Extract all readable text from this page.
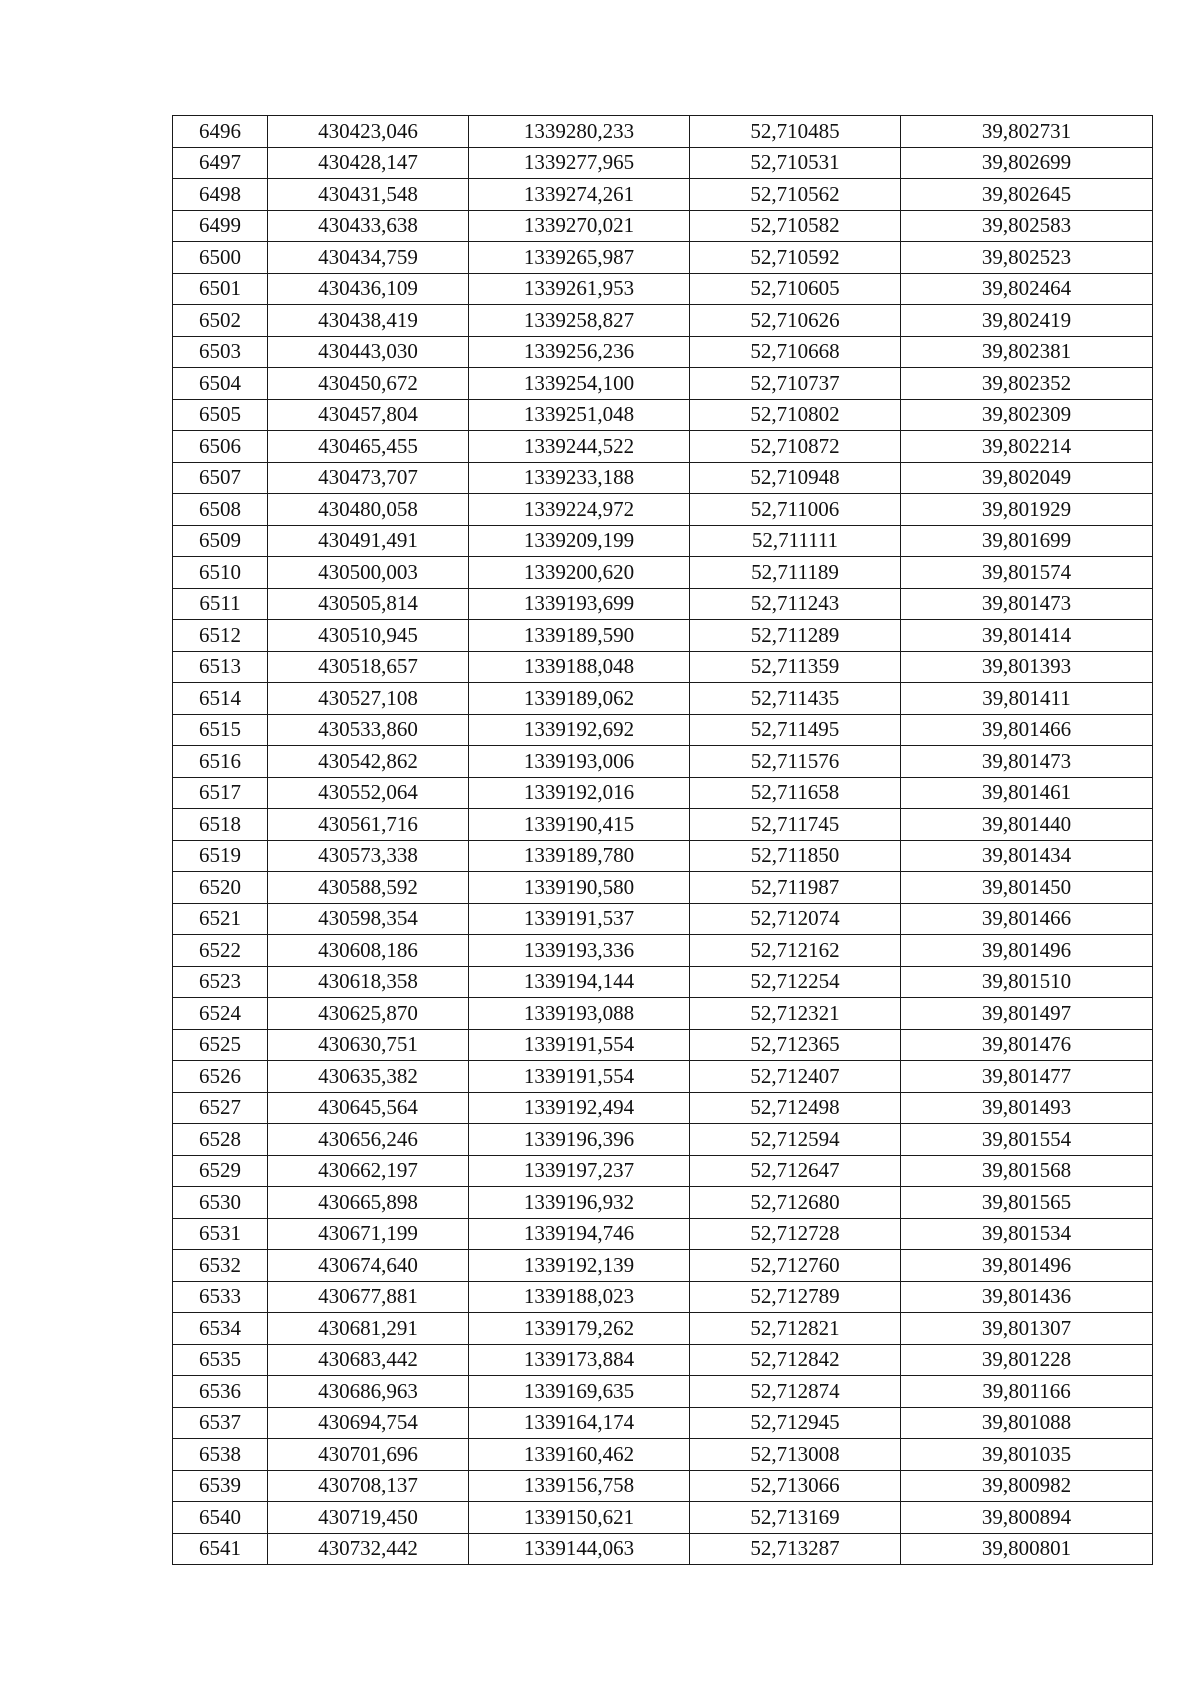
6496	430423,046	1339280,233	52,710485	39,802731
6497	430428,147	1339277,965	52,710531	39,802699
6498	430431,548	1339274,261	52,710562	39,802645
6499	430433,638	1339270,021	52,710582	39,802583
6500	430434,759	1339265,987	52,710592	39,802523
6501	430436,109	1339261,953	52,710605	39,802464
6502	430438,419	1339258,827	52,710626	39,802419
6503	430443,030	1339256,236	52,710668	39,802381
6504	430450,672	1339254,100	52,710737	39,802352
6505	430457,804	1339251,048	52,710802	39,802309
6506	430465,455	1339244,522	52,710872	39,802214
6507	430473,707	1339233,188	52,710948	39,802049
6508	430480,058	1339224,972	52,711006	39,801929
6509	430491,491	1339209,199	52,711111	39,801699
6510	430500,003	1339200,620	52,711189	39,801574
6511	430505,814	1339193,699	52,711243	39,801473
6512	430510,945	1339189,590	52,711289	39,801414
6513	430518,657	1339188,048	52,711359	39,801393
6514	430527,108	1339189,062	52,711435	39,801411
6515	430533,860	1339192,692	52,711495	39,801466
6516	430542,862	1339193,006	52,711576	39,801473
6517	430552,064	1339192,016	52,711658	39,801461
6518	430561,716	1339190,415	52,711745	39,801440
6519	430573,338	1339189,780	52,711850	39,801434
6520	430588,592	1339190,580	52,711987	39,801450
6521	430598,354	1339191,537	52,712074	39,801466
6522	430608,186	1339193,336	52,712162	39,801496
6523	430618,358	1339194,144	52,712254	39,801510
6524	430625,870	1339193,088	52,712321	39,801497
6525	430630,751	1339191,554	52,712365	39,801476
6526	430635,382	1339191,554	52,712407	39,801477
6527	430645,564	1339192,494	52,712498	39,801493
6528	430656,246	1339196,396	52,712594	39,801554
6529	430662,197	1339197,237	52,712647	39,801568
6530	430665,898	1339196,932	52,712680	39,801565
6531	430671,199	1339194,746	52,712728	39,801534
6532	430674,640	1339192,139	52,712760	39,801496
6533	430677,881	1339188,023	52,712789	39,801436
6534	430681,291	1339179,262	52,712821	39,801307
6535	430683,442	1339173,884	52,712842	39,801228
6536	430686,963	1339169,635	52,712874	39,801166
6537	430694,754	1339164,174	52,712945	39,801088
6538	430701,696	1339160,462	52,713008	39,801035
6539	430708,137	1339156,758	52,713066	39,800982
6540	430719,450	1339150,621	52,713169	39,800894
6541	430732,442	1339144,063	52,713287	39,800801
